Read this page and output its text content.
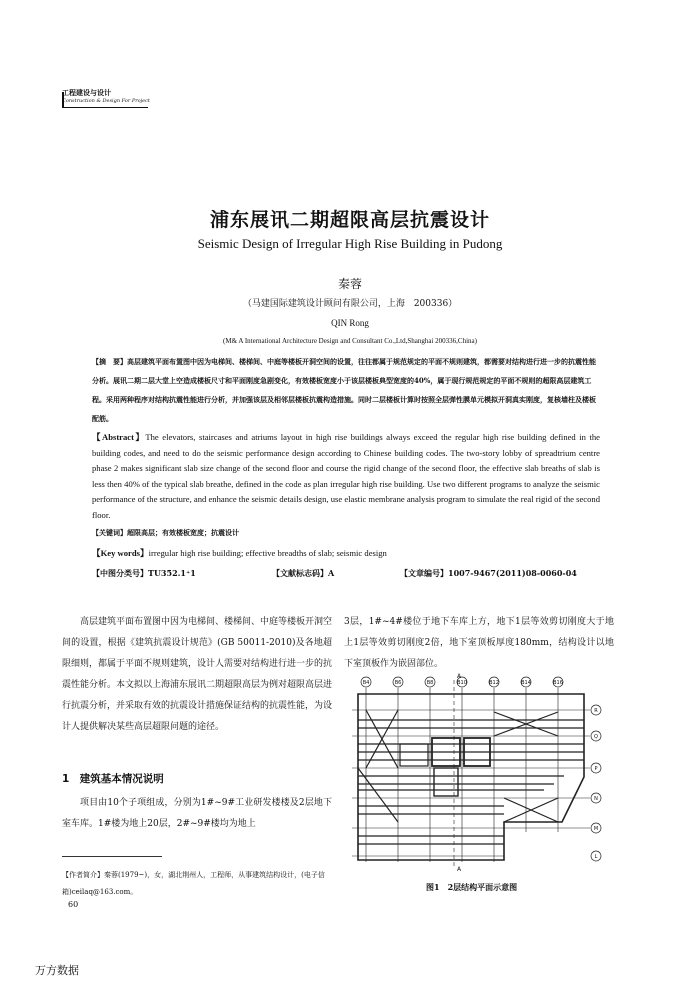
工程建设与设计
Construction & Design For Project
浦东展讯二期超限高层抗震设计
Seismic Design of Irregular High Rise Building in Pudong
秦蓉
（马建国际建筑设计顾问有限公司，上海　200336）
QIN Rong
(M& A International Architecture Design and Consultant Co.,Ltd,Shanghai 200336,China)
【摘　要】高层建筑平面布置图中因为电梯间、楼梯间、中庭等楼板开洞空间的设置，往往都属于规范规定的平面不规则建筑，都需要对结构进行进一步的抗震性能分析。展讯二期二层大堂上空造成楼板尺寸和平面刚度急剧变化，有效楼板宽度小于该层楼板典型宽度的40%，属于现行规范规定的平面不规则的超限高层建筑工程。采用两种程序对结构抗震性能进行分析，并加强该层及相邻层楼板抗震构造措施。同时二层楼板计算时按照全层弹性膜单元模拟开洞真实刚度，复核墙柱及楼板配筋。
【Abstract】The elevators, staircases and atriums layout in high rise buildings always exceed the regular high rise building defined in the building codes, and need to do the seismic performance design according to Chinese building codes. The two-story lobby of spreadtrium centre phase 2 makes significant slab size change of the second floor and course the rigid change of the second floor, the effective slab breaths of slab is less then 40% of the typical slab breathe, defined in the code as plan irregular high rise building. Use two different programs to analyze the seismic performance of the structure, and enhance the seismic details design, use elastic membrane analysis program to simulate the real rigid of the second floor.
【关键词】超限高层；有效楼板宽度；抗震设计
【Key words】irregular high rise building; effective breadths of slab; seismic design
【中图分类号】TU352.1⁺1	【文献标志码】A	【文章编号】1007-9467(2011)08-0060-04

高层建筑平面布置图中因为电梯间、楼梯间、中庭等楼板开洞空间的设置，根据《建筑抗震设计规范》(GB 50011-2010)及各地超限细则，都属于平面不规则建筑，设计人需要对结构进行进一步的抗震性能分析。本文拟以上海浦东展讯二期超限高层为例对超限高层进行抗震分析，并采取有效的抗震设计措施保证结构的抗震性能，为设计人提供解决某些高层超限问题的途径。

1　建筑基本情况说明

项目由10个子项组成，分别为1#~9#工业研发楼楼及2层地下室车库。1#楼为地上20层，2#~9#楼均为地上

3层，1#~4#楼位于地下车库上方，地下1层等效剪切刚度大于地上1层等效剪切刚度2倍，地下室顶板厚度180mm，结构设计以地下室顶板作为嵌固部位。

B4	B6	B8	B10	B12	B14	B16
R
Q
P
N
M
L
A
A
图1　2层结构平面示意图
【作者简介】秦蓉(1979~)，女，湖北荆州人，工程师，从事建筑结构设计，(电子信箱)ceilaq@163.com。
60
万方数据
